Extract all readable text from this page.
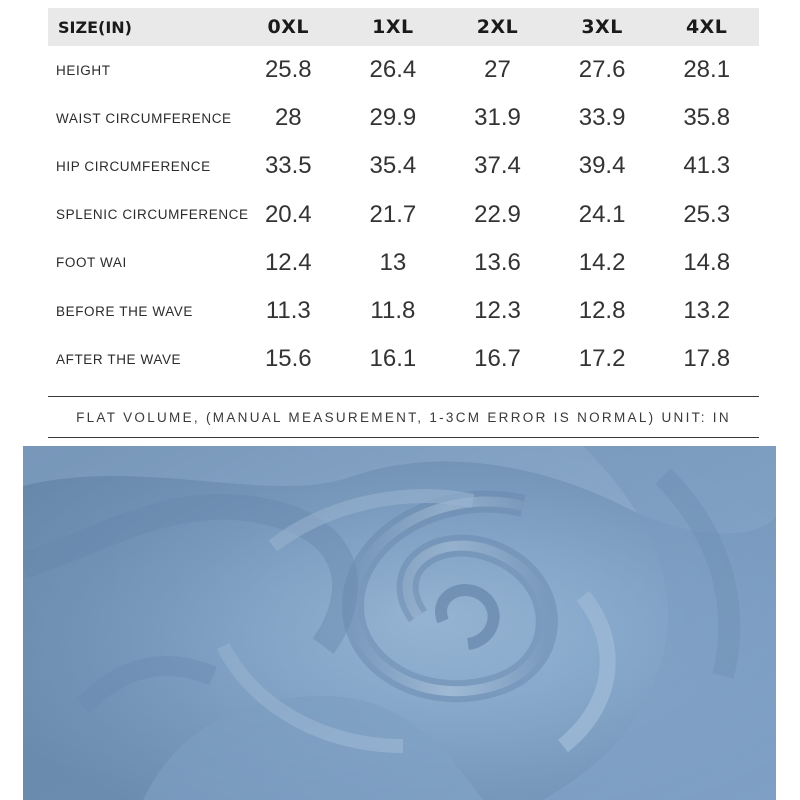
SIZE(IN)	0XL	1XL	2XL	3XL	4XL
HEIGHT	25.8	26.4	27	27.6	28.1
WAIST CIRCUMFERENCE	28	29.9	31.9	33.9	35.8
HIP CIRCUMFERENCE	33.5	35.4	37.4	39.4	41.3
SPLENIC CIRCUMFERENCE	20.4	21.7	22.9	24.1	25.3
FOOT WAI	12.4	13	13.6	14.2	14.8
BEFORE THE WAVE	11.3	11.8	12.3	12.8	13.2
AFTER THE WAVE	15.6	16.1	16.7	17.2	17.8
FLAT VOLUME, (MANUAL MEASUREMENT, 1-3CM ERROR IS NORMAL) UNIT: IN
